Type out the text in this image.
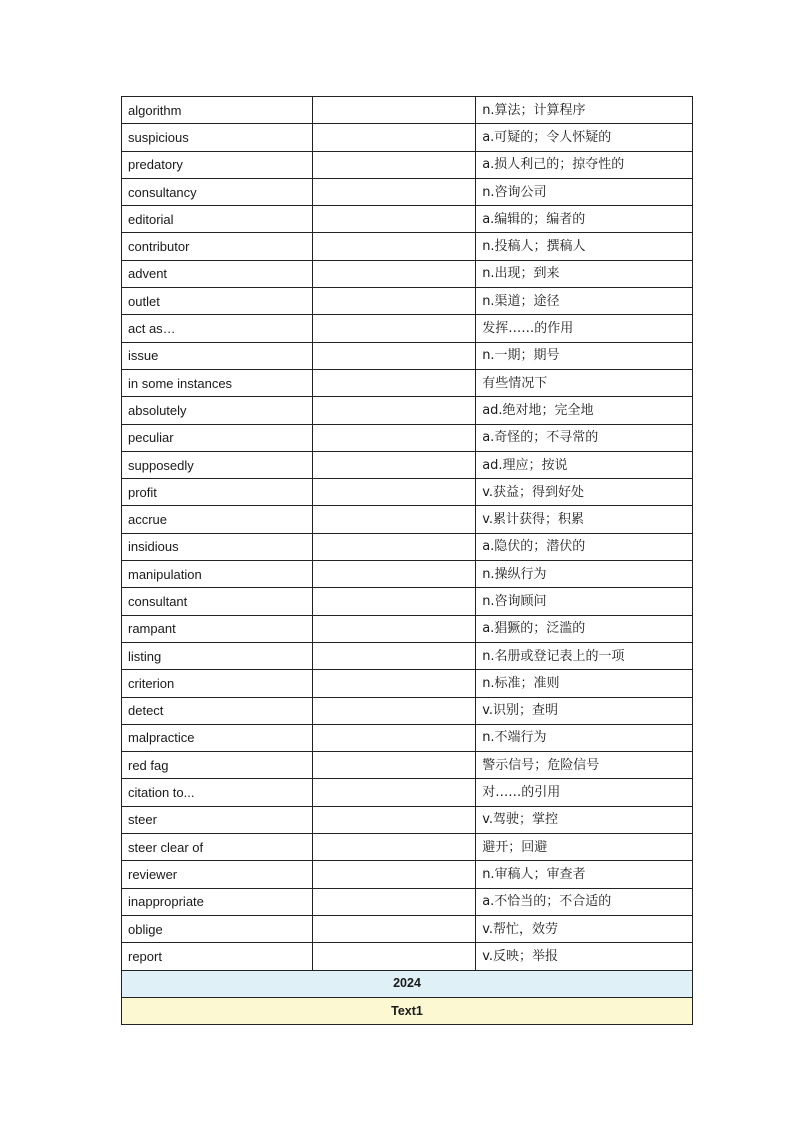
algorithm		n.算法；计算程序
suspicious		a.可疑的；令人怀疑的
predatory		a.损人利己的；掠夺性的
consultancy		n.咨询公司
editorial		a.编辑的；编者的
contributor		n.投稿人；撰稿人
advent		n.出现；到来
outlet		n.渠道；途径
act as…		发挥……的作用
issue		n.一期；期号
in some instances		有些情况下
absolutely		ad.绝对地；完全地
peculiar		a.奇怪的；不寻常的
supposedly		ad.理应；按说
profit		v.获益；得到好处
accrue		v.累计获得；积累
insidious		a.隐伏的；潜伏的
manipulation		n.操纵行为
consultant		n.咨询顾问
rampant		a.猖獗的；泛滥的
listing		n.名册或登记表上的一项
criterion		n.标准；准则
detect		v.识别；查明
malpractice		n.不端行为
red fag		警示信号；危险信号
citation to...		对……的引用
steer		v.驾驶；掌控
steer clear of		避开；回避
reviewer		n.审稿人；审查者
inappropriate		a.不恰当的；不合适的
oblige		v.帮忙，效劳
report		v.反映；举报
2024		
Text1		
